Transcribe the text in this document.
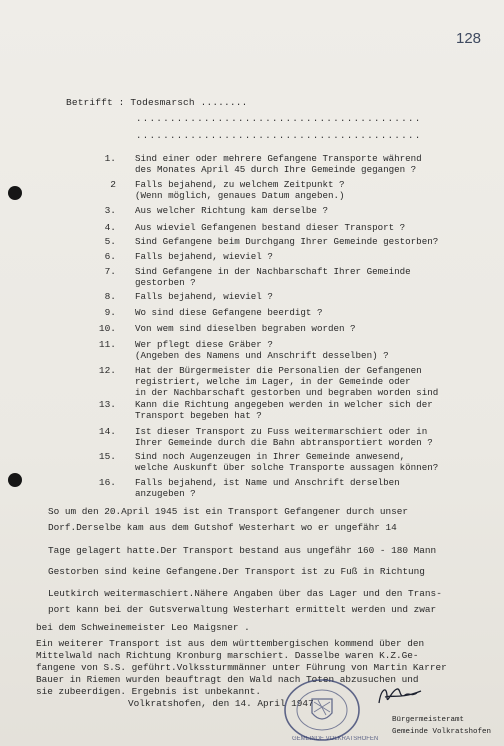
128
Betrifft : Todesmarsch ........
..........................................
..........................................
1. Sind einer oder mehrere Gefangene Transporte während
des Monates April 45 durch Ihre Gemeinde gegangen ?
2 Falls bejahend, zu welchem Zeitpunkt ?
(Wenn möglich, genaues Datum angeben.)
3. Aus welcher Richtung kam derselbe ?
4. Aus wieviel Gefangenen bestand dieser Transport ?
5. Sind Gefangene beim Durchgang Ihrer Gemeinde gestorben?
6. Falls bejahend, wieviel ?
7. Sind Gefangene in der Nachbarschaft Ihrer Gemeinde
gestorben ?
8. Falls bejahend, wieviel ?
9. Wo sind diese Gefangene beerdigt ?
10. Von wem sind dieselben begraben worden ?
11. Wer pflegt diese Gräber ?
(Angeben des Namens und Anschrift desselben) ?
12. Hat der Bürgermeister die Personalien der Gefangenen
registriert, welche im Lager, in der Gemeinde oder
in der Nachbarschaft gestorben und begraben worden sind
13. Kann die Richtung angegeben werden in welcher sich der
Transport begeben hat ?
14. Ist dieser Transport zu Fuss weitermarschiert oder in
Ihrer Gemeinde durch die Bahn abtransportiert worden ?
15. Sind noch Augenzeugen in Ihrer Gemeinde anwesend,
welche Auskunft über solche Transporte aussagen können?
16. Falls bejahend, ist Name und Anschrift derselben
anzugeben ?
So um den 20.April 1945 ist ein Transport Gefangener durch unser
Dorf.Derselbe kam aus dem Gutshof Westerhart wo er ungefähr 14
Tage gelagert hatte.Der Transport bestand aus ungefähr 160 - 180 Mann
Gestorben sind keine Gefangene.Der Transport ist zu Fuß in Richtung
Leutkirch weitermaschiert.Nähere Angaben über das Lager und den Trans-
port kann bei der Gutsverwaltung Westerhart ermittelt werden und zwar
bei dem Schweinemeister Leo Maigsner .
Ein weiterer Transport ist aus dem württembergischen kommend über den
Mittelwald nach Richtung Kronburg marschiert. Dasselbe waren K.Z.Ge-
fangene von S.S. geführt.Volkssturmmänner unter Führung von Martin Karrer
Bauer in Riemen wurden beauftragt den Wald nach Toten abzusuchen und
sie zubeerdigen. Ergebnis ist unbekannt.
Volkratshofen, den 14. April 1947
GEMEINDE VOLKRATSHOFEN
Bürgermeisteramt
Gemeinde Volkratshofen
